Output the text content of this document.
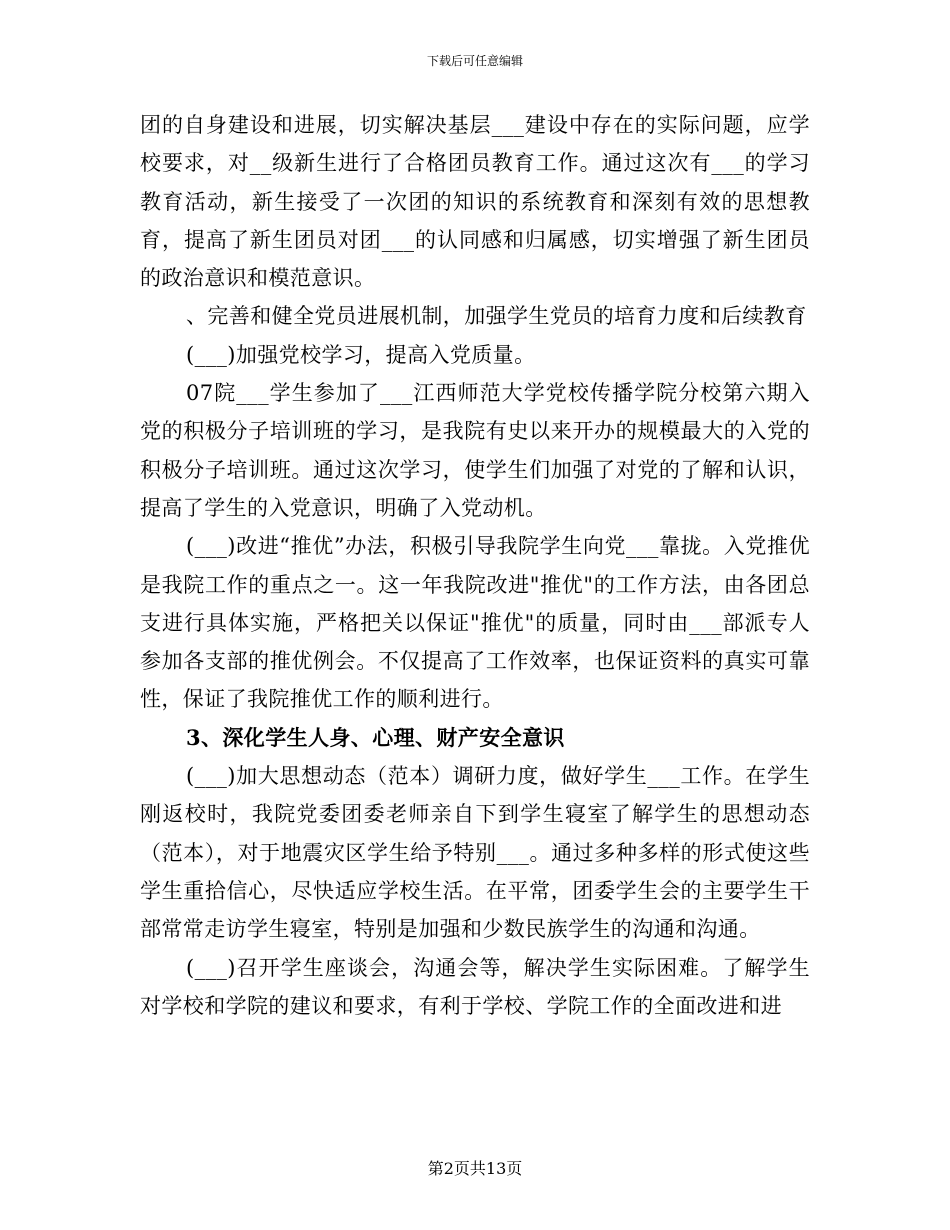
下载后可任意编辑

团的自身建设和进展，切实解决基层___建设中存在的实际问题，应学校要求，对__级新生进行了合格团员教育工作。通过这次有___的学习教育活动，新生接受了一次团的知识的系统教育和深刻有效的思想教育，提高了新生团员对团___的认同感和归属感，切实增强了新生团员的政治意识和模范意识。

、完善和健全党员进展机制，加强学生党员的培育力度和后续教育

(___)加强党校学习，提高入党质量。

07院___学生参加了___江西师范大学党校传播学院分校第六期入党的积极分子培训班的学习，是我院有史以来开办的规模最大的入党的积极分子培训班。通过这次学习，使学生们加强了对党的了解和认识，提高了学生的入党意识，明确了入党动机。

(___)改进“推优”办法，积极引导我院学生向党___靠拢。入党推优是我院工作的重点之一。这一年我院改进"推优"的工作方法，由各团总支进行具体实施，严格把关以保证"推优"的质量，同时由___部派专人参加各支部的推优例会。不仅提高了工作效率，也保证资料的真实可靠性，保证了我院推优工作的顺利进行。

3、深化学生人身、心理、财产安全意识

(___)加大思想动态（范本）调研力度，做好学生___工作。在学生刚返校时，我院党委团委老师亲自下到学生寝室了解学生的思想动态（范本），对于地震灾区学生给予特别___。通过多种多样的形式使这些学生重拾信心，尽快适应学校生活。在平常，团委学生会的主要学生干部常常走访学生寝室，特别是加强和少数民族学生的沟通和沟通。

(___)召开学生座谈会，沟通会等，解决学生实际困难。了解学生对学校和学院的建议和要求，有利于学校、学院工作的全面改进和进

第2页共13页
